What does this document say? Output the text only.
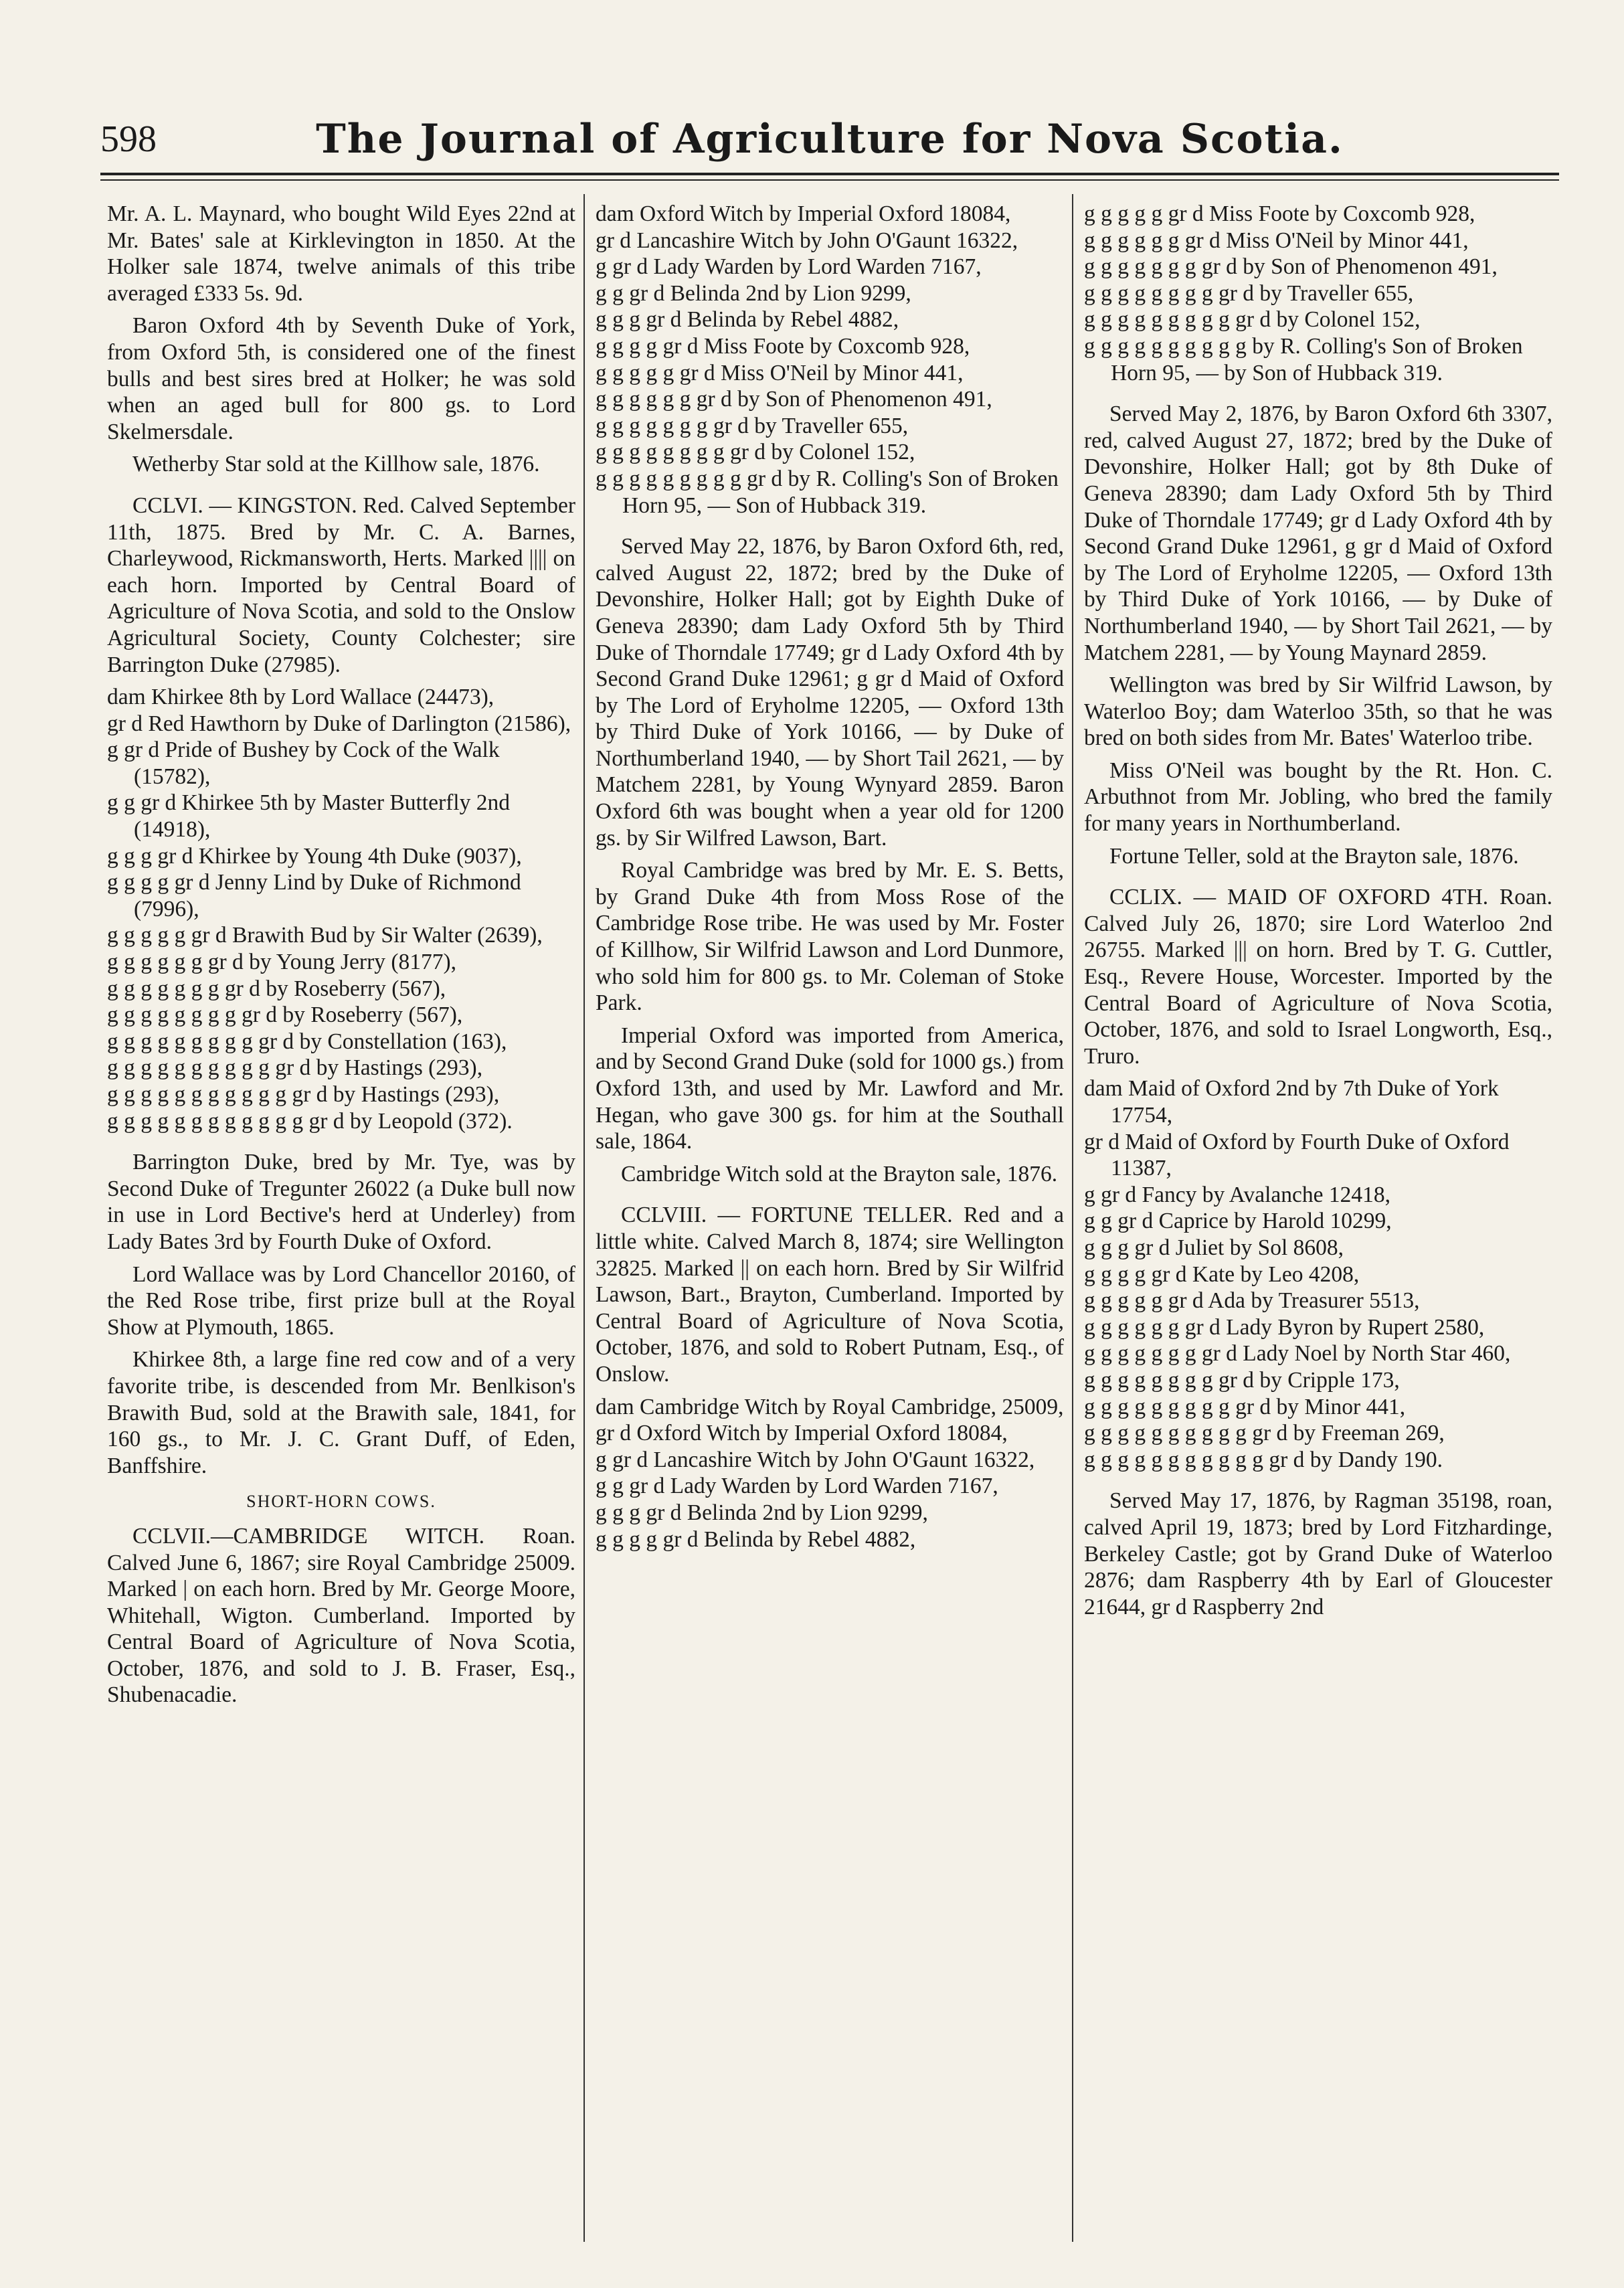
598	The Journal of Agriculture for Nova Scotia.

Mr. A. L. Maynard, who bought Wild Eyes 22nd at Mr. Bates' sale at Kirklevington in 1850. At the Holker sale 1874, twelve animals of this tribe averaged £333 5s. 9d.

Baron Oxford 4th by Seventh Duke of York, from Oxford 5th, is considered one of the finest bulls and best sires bred at Holker; he was sold when an aged bull for 800 gs. to Lord Skelmersdale.

Wetherby Star sold at the Killhow sale, 1876.

CCLVI. — KINGSTON. Red. Calved September 11th, 1875. Bred by Mr. C. A. Barnes, Charleywood, Rickmansworth, Herts. Marked |||| on each horn. Imported by Central Board of Agriculture of Nova Scotia, and sold to the Onslow Agricultural Society, County Colchester; sire Barrington Duke (27985).

dam Khirkee 8th by Lord Wallace (24473),

gr d Red Hawthorn by Duke of Darlington (21586),

g gr d Pride of Bushey by Cock of the Walk (15782),

g g gr d Khirkee 5th by Master Butterfly 2nd (14918),

g g g gr d Khirkee by Young 4th Duke (9037),

g g g g gr d Jenny Lind by Duke of Richmond (7996),

g g g g g gr d Brawith Bud by Sir Walter (2639),

g g g g g g gr d by Young Jerry (8177),

g g g g g g g gr d by Roseberry (567),

g g g g g g g g gr d by Roseberry (567),

g g g g g g g g g gr d by Constellation (163),

g g g g g g g g g g gr d by Hastings (293),

g g g g g g g g g g g gr d by Hastings (293),

g g g g g g g g g g g g gr d by Leopold (372).

Barrington Duke, bred by Mr. Tye, was by Second Duke of Tregunter 26022 (a Duke bull now in use in Lord Bective's herd at Underley) from Lady Bates 3rd by Fourth Duke of Oxford.

Lord Wallace was by Lord Chancellor 20160, of the Red Rose tribe, first prize bull at the Royal Show at Plymouth, 1865.

Khirkee 8th, a large fine red cow and of a very favorite tribe, is descended from Mr. Benlkison's Brawith Bud, sold at the Brawith sale, 1841, for 160 gs., to Mr. J. C. Grant Duff, of Eden, Banffshire.

SHORT-HORN COWS.

CCLVII.—CAMBRIDGE WITCH. Roan. Calved June 6, 1867; sire Royal Cambridge 25009. Marked | on each horn. Bred by Mr. George Moore, Whitehall, Wigton. Cumberland. Imported by Central Board of Agriculture of Nova Scotia, October, 1876, and sold to J. B. Fraser, Esq., Shubenacadie.

dam Oxford Witch by Imperial Oxford 18084,

gr d Lancashire Witch by John O'Gaunt 16322,

g gr d Lady Warden by Lord Warden 7167,

g g gr d Belinda 2nd by Lion 9299,

g g g gr d Belinda by Rebel 4882,

g g g g gr d Miss Foote by Coxcomb 928,

g g g g g gr d Miss O'Neil by Minor 441,

g g g g g g gr d by Son of Phenomenon 491,

g g g g g g g gr d by Traveller 655,

g g g g g g g g gr d by Colonel 152,

g g g g g g g g g gr d by R. Colling's Son of Broken Horn 95, — Son of Hubback 319.

Served May 22, 1876, by Baron Oxford 6th, red, calved August 22, 1872; bred by the Duke of Devonshire, Holker Hall; got by Eighth Duke of Geneva 28390; dam Lady Oxford 5th by Third Duke of Thorndale 17749; gr d Lady Oxford 4th by Second Grand Duke 12961; g gr d Maid of Oxford by The Lord of Eryholme 12205, — Oxford 13th by Third Duke of York 10166, — by Duke of Northumberland 1940, — by Short Tail 2621, — by Matchem 2281, by Young Wynyard 2859. Baron Oxford 6th was bought when a year old for 1200 gs. by Sir Wilfred Lawson, Bart.

Royal Cambridge was bred by Mr. E. S. Betts, by Grand Duke 4th from Moss Rose of the Cambridge Rose tribe. He was used by Mr. Foster of Killhow, Sir Wilfrid Lawson and Lord Dunmore, who sold him for 800 gs. to Mr. Coleman of Stoke Park.

Imperial Oxford was imported from America, and by Second Grand Duke (sold for 1000 gs.) from Oxford 13th, and used by Mr. Lawford and Mr. Hegan, who gave 300 gs. for him at the Southall sale, 1864.

Cambridge Witch sold at the Brayton sale, 1876.

CCLVIII. — FORTUNE TELLER. Red and a little white. Calved March 8, 1874; sire Wellington 32825. Marked || on each horn. Bred by Sir Wilfrid Lawson, Bart., Brayton, Cumberland. Imported by Central Board of Agriculture of Nova Scotia, October, 1876, and sold to Robert Putnam, Esq., of Onslow.

dam Cambridge Witch by Royal Cambridge, 25009,

gr d Oxford Witch by Imperial Oxford 18084,

g gr d Lancashire Witch by John O'Gaunt 16322,

g g gr d Lady Warden by Lord Warden 7167,

g g g gr d Belinda 2nd by Lion 9299,

g g g g gr d Belinda by Rebel 4882,

g g g g g gr d Miss Foote by Coxcomb 928,

g g g g g g gr d Miss O'Neil by Minor 441,

g g g g g g g gr d by Son of Phenomenon 491,

g g g g g g g g gr d by Traveller 655,

g g g g g g g g g gr d by Colonel 152,

g g g g g g g g g g by R. Colling's Son of Broken Horn 95, — by Son of Hubback 319.

Served May 2, 1876, by Baron Oxford 6th 3307, red, calved August 27, 1872; bred by the Duke of Devonshire, Holker Hall; got by 8th Duke of Geneva 28390; dam Lady Oxford 5th by Third Duke of Thorndale 17749; gr d Lady Oxford 4th by Second Grand Duke 12961, g gr d Maid of Oxford by The Lord of Eryholme 12205, — Oxford 13th by Third Duke of York 10166, — by Duke of Northumberland 1940, — by Short Tail 2621, — by Matchem 2281, — by Young Maynard 2859.

Wellington was bred by Sir Wilfrid Lawson, by Waterloo Boy; dam Waterloo 35th, so that he was bred on both sides from Mr. Bates' Waterloo tribe.

Miss O'Neil was bought by the Rt. Hon. C. Arbuthnot from Mr. Jobling, who bred the family for many years in Northumberland.

Fortune Teller, sold at the Brayton sale, 1876.

CCLIX. — MAID OF OXFORD 4TH. Roan. Calved July 26, 1870; sire Lord Waterloo 2nd 26755. Marked ||| on horn. Bred by T. G. Cuttler, Esq., Revere House, Worcester. Imported by the Central Board of Agriculture of Nova Scotia, October, 1876, and sold to Israel Longworth, Esq., Truro.

dam Maid of Oxford 2nd by 7th Duke of York 17754,

gr d Maid of Oxford by Fourth Duke of Oxford 11387,

g gr d Fancy by Avalanche 12418,

g g gr d Caprice by Harold 10299,

g g g gr d Juliet by Sol 8608,

g g g g gr d Kate by Leo 4208,

g g g g g gr d Ada by Treasurer 5513,

g g g g g g gr d Lady Byron by Rupert 2580,

g g g g g g g gr d Lady Noel by North Star 460,

g g g g g g g g gr d by Cripple 173,

g g g g g g g g g gr d by Minor 441,

g g g g g g g g g g gr d by Freeman 269,

g g g g g g g g g g g gr d by Dandy 190.

Served May 17, 1876, by Ragman 35198, roan, calved April 19, 1873; bred by Lord Fitzhardinge, Berkeley Castle; got by Grand Duke of Waterloo 2876; dam Raspberry 4th by Earl of Gloucester 21644, gr d Raspberry 2nd
